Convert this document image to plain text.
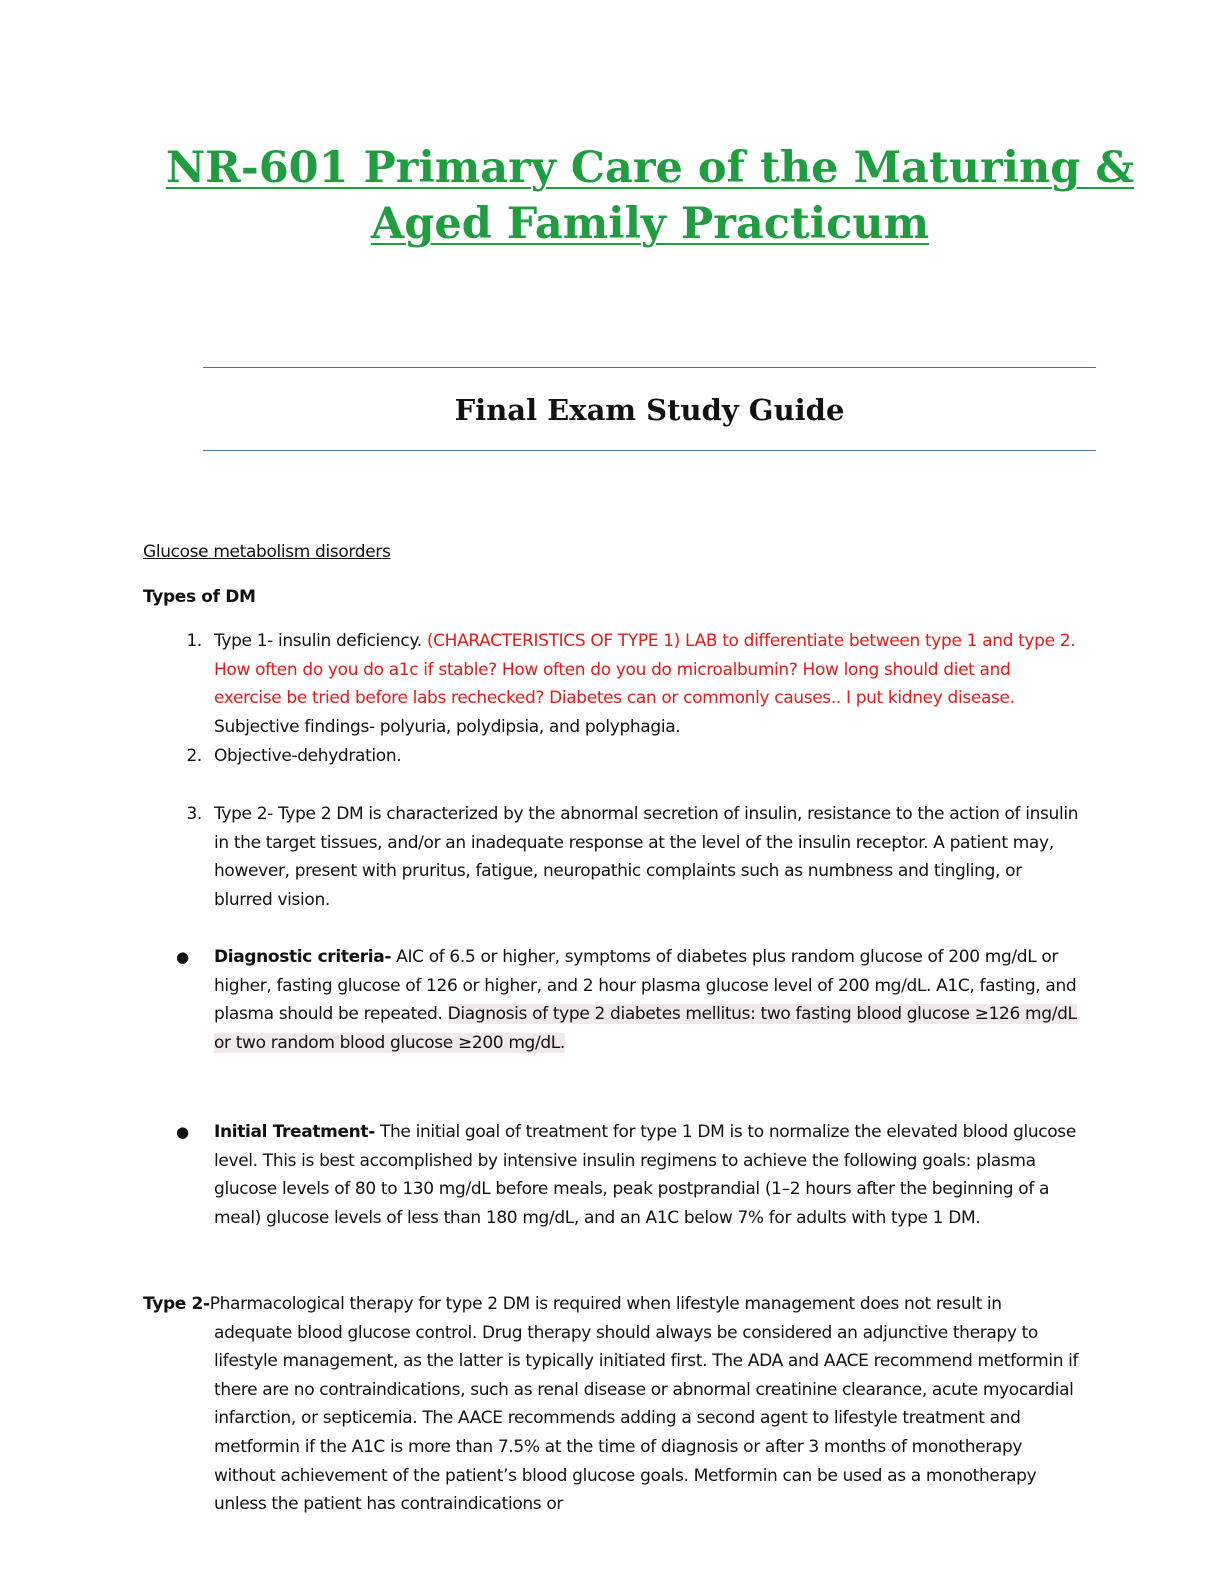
NR-601 Primary Care of the Maturing & Aged Family Practicum
Final Exam Study Guide

Glucose metabolism disorders

Types of DM

1. Type 1- insulin deficiency. (CHARACTERISTICS OF TYPE 1) LAB to differentiate between type 1 and type 2. How often do you do a1c if stable? How often do you do microalbumin? How long should diet and exercise be tried before labs rechecked? Diabetes can or commonly causes.. I put kidney disease. Subjective findings- polyuria, polydipsia, and polyphagia.

2. Objective-dehydration.

3. Type 2- Type 2 DM is characterized by the abnormal secretion of insulin, resistance to the action of insulin in the target tissues, and/or an inadequate response at the level of the insulin receptor. A patient may, however, present with pruritus, fatigue, neuropathic complaints such as numbness and tingling, or blurred vision.

●	Diagnostic criteria- AIC of 6.5 or higher, symptoms of diabetes plus random glucose of 200 mg/dL or higher, fasting glucose of 126 or higher, and 2 hour plasma glucose level of 200 mg/dL. A1C, fasting, and plasma should be repeated. Diagnosis of type 2 diabetes mellitus: two fasting blood glucose ≥126 mg/dL or two random blood glucose ≥200 mg/dL.

●	Initial Treatment- The initial goal of treatment for type 1 DM is to normalize the elevated blood glucose level. This is best accomplished by intensive insulin regimens to achieve the following goals: plasma glucose levels of 80 to 130 mg/dL before meals, peak postprandial (1–2 hours after the beginning of a meal) glucose levels of less than 180 mg/dL, and an A1C below 7% for adults with type 1 DM.

Type 2-Pharmacological therapy for type 2 DM is required when lifestyle management does not result in adequate blood glucose control. Drug therapy should always be considered an adjunctive therapy to lifestyle management, as the latter is typically initiated first. The ADA and AACE recommend metformin if there are no contraindications, such as renal disease or abnormal creatinine clearance, acute myocardial infarction, or septicemia. The AACE recommends adding a second agent to lifestyle treatment and metformin if the A1C is more than 7.5% at the time of diagnosis or after 3 months of monotherapy without achievement of the patient’s blood glucose goals. Metformin can be used as a monotherapy unless the patient has contraindications or
